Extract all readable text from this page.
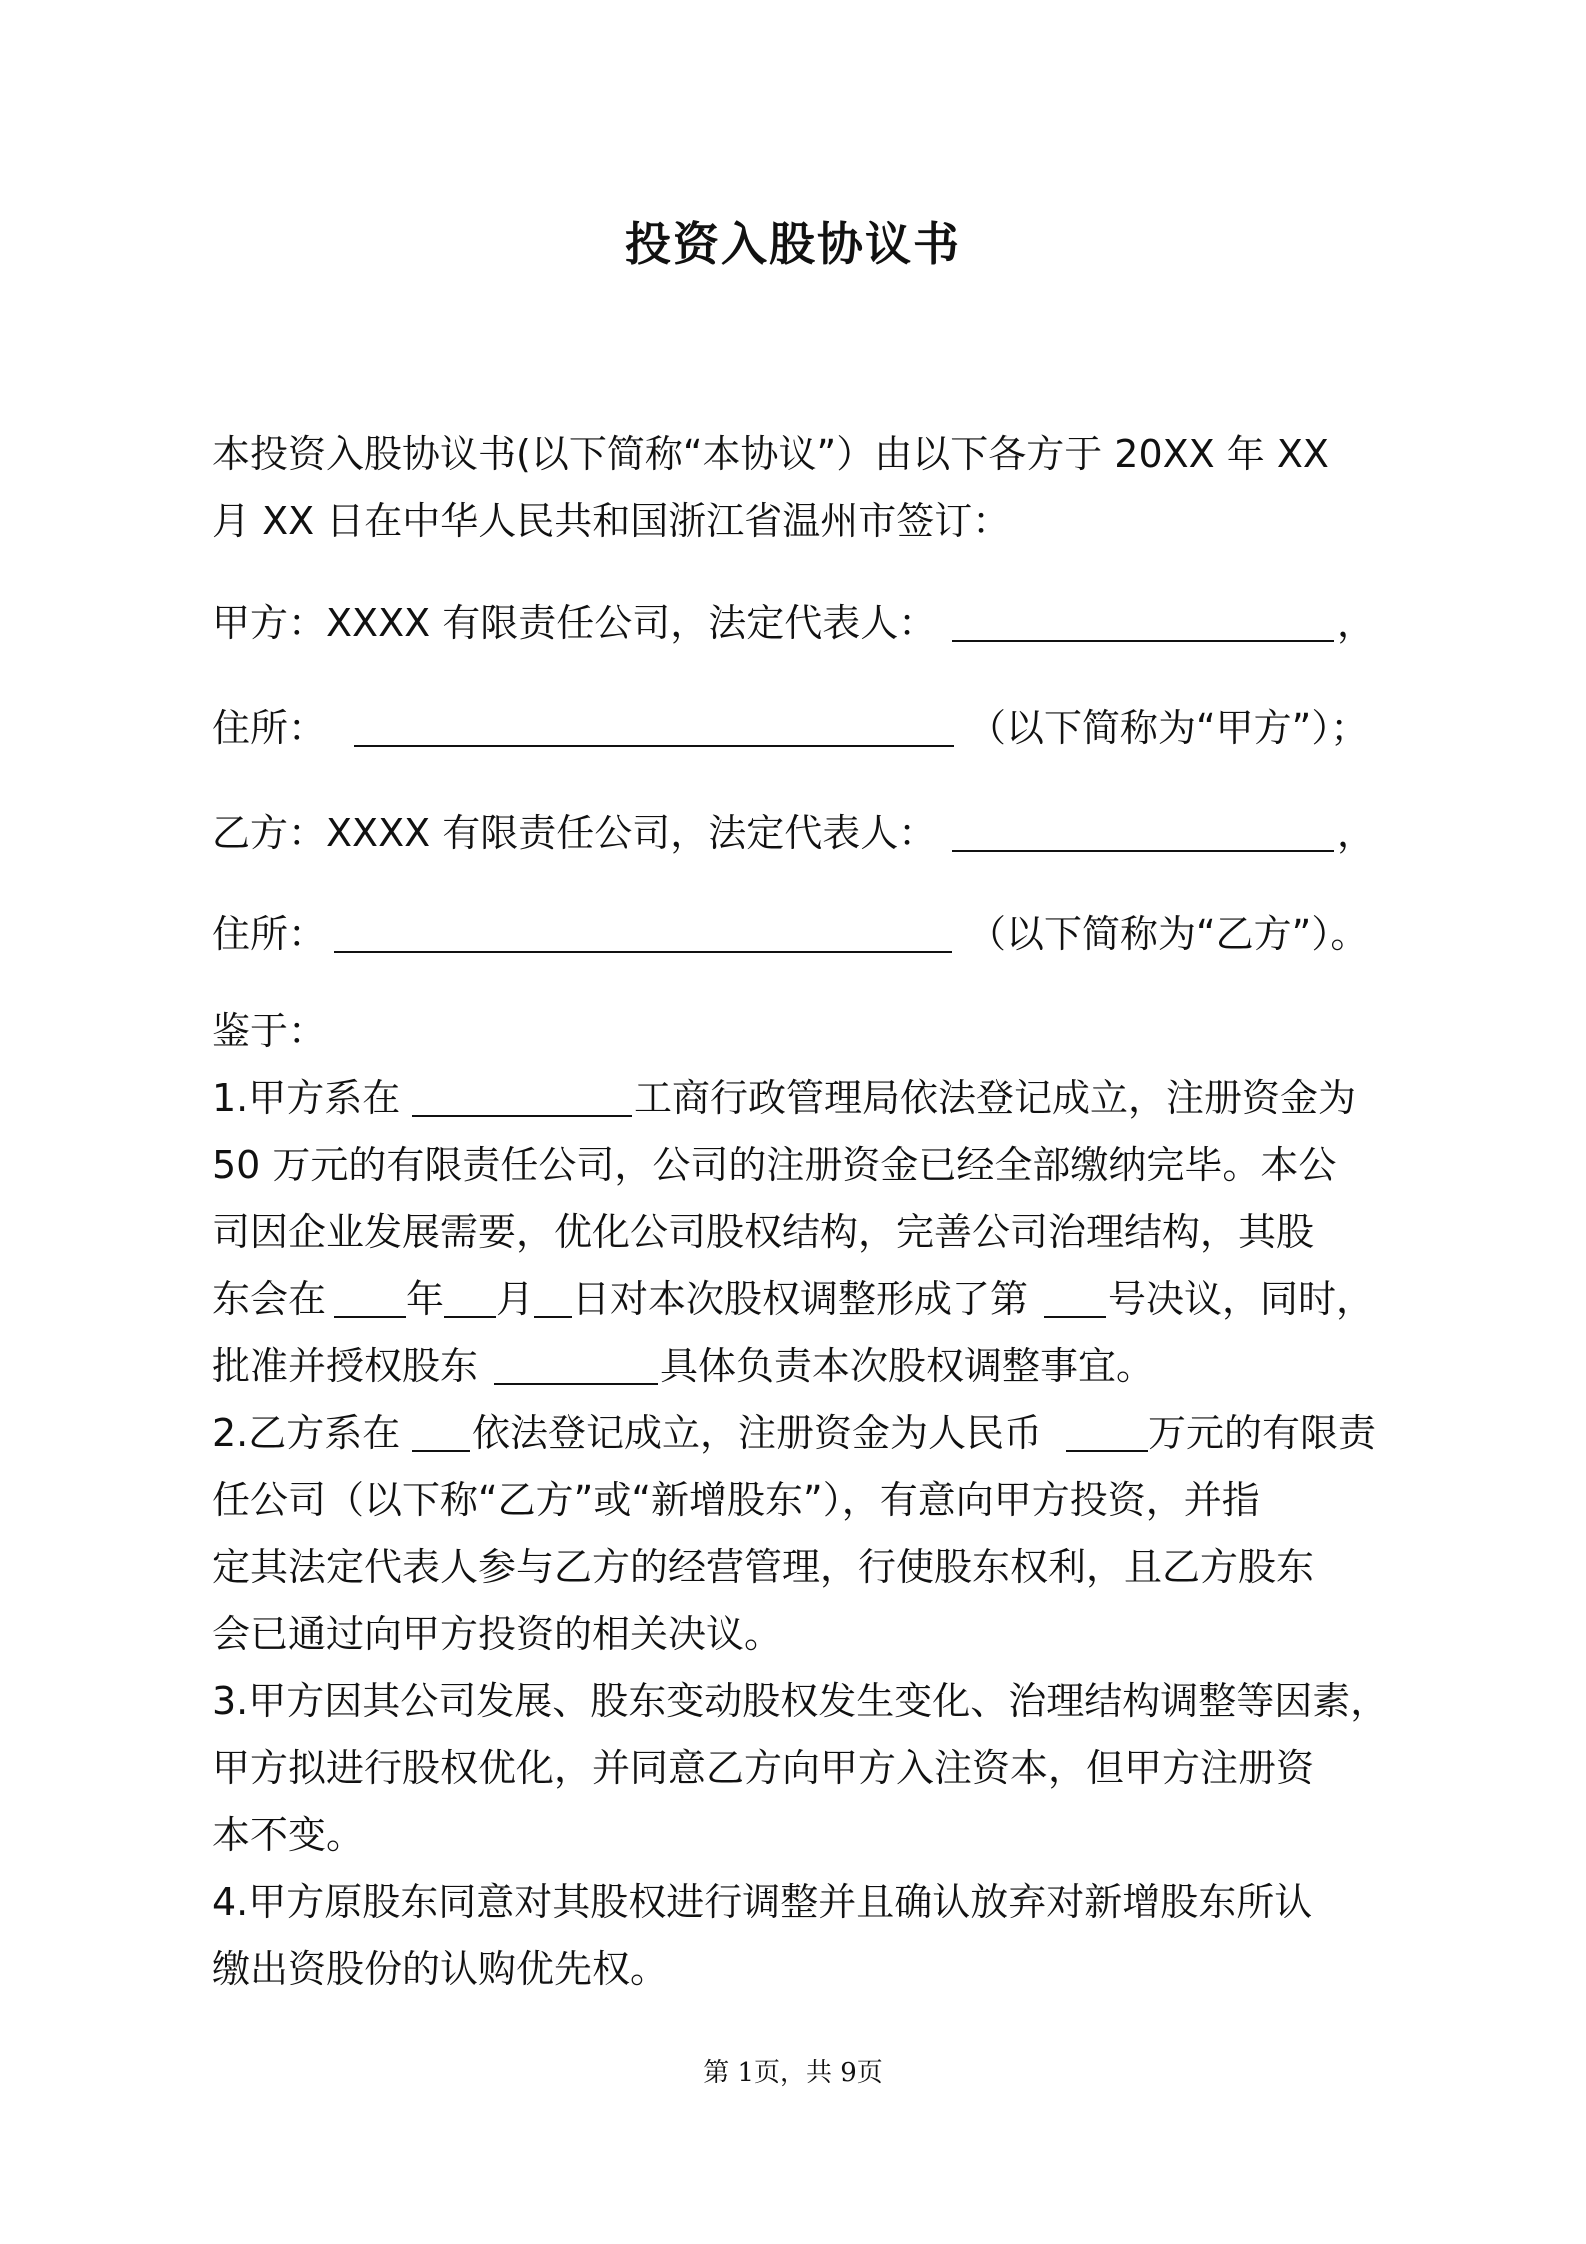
投资入股协议书
本投资入股协议书(以下简称“本协议”）由以下各方于 20XX 年 XX
月 XX 日在中华人民共和国浙江省温州市签订：
甲方：XXXX 有限责任公司，法定代表人：	，
住所：	（以下简称为“甲方”）；
乙方：XXXX 有限责任公司，法定代表人：	，
住所：	（以下简称为“乙方”）。
鉴于：
1.甲方系在	工商行政管理局依法登记成立，注册资金为
50 万元的有限责任公司，公司的注册资金已经全部缴纳完毕。本公
司因企业发展需要，优化公司股权结构，完善公司治理结构，其股
东会在 年 月 日对本次股权调整形成了第 号决议，同时，
批准并授权股东	具体负责本次股权调整事宜。
2.乙方系在 依法登记成立，注册资金为人民币	万元的有限责
任公司（以下称“乙方”或“新增股东”），有意向甲方投资，并指
定其法定代表人参与乙方的经营管理，行使股东权利，且乙方股东
会已通过向甲方投资的相关决议。
3.甲方因其公司发展、股东变动股权发生变化、治理结构调整等因素，
甲方拟进行股权优化，并同意乙方向甲方入注资本，但甲方注册资
本不变。
4.甲方原股东同意对其股权进行调整并且确认放弃对新增股东所认
缴出资股份的认购优先权。
第 1页，共 9页
